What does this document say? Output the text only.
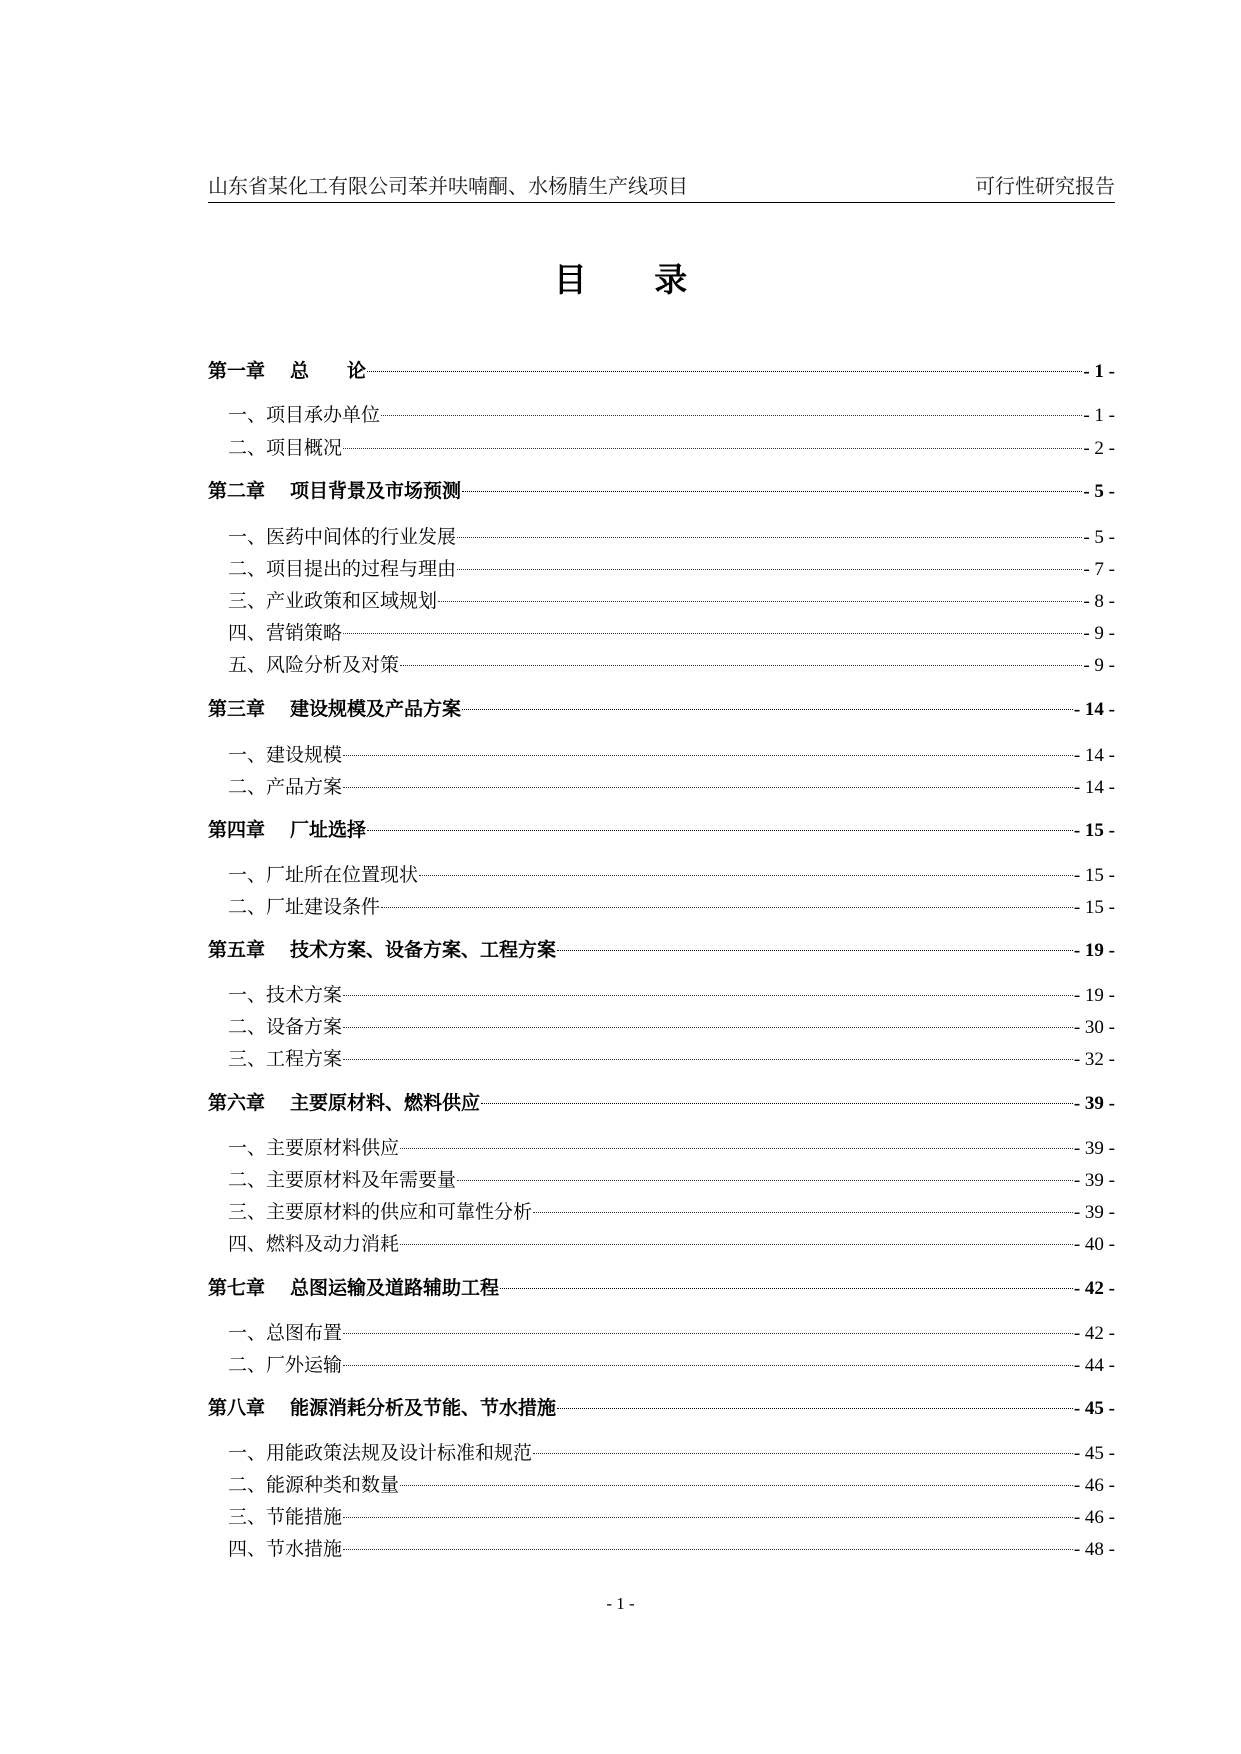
山东省某化工有限公司苯并呋喃酮、水杨腈生产线项目	可行性研究报告
目 录
第一章	总　　论	- 1 -
一、项目承办单位	- 1 -
二、项目概况	- 2 -
第二章	项目背景及市场预测	- 5 -
一、医药中间体的行业发展	- 5 -
二、项目提出的过程与理由	- 7 -
三、产业政策和区域规划	- 8 -
四、营销策略	- 9 -
五、风险分析及对策	- 9 -
第三章	建设规模及产品方案	- 14 -
一、建设规模	- 14 -
二、产品方案	- 14 -
第四章	厂址选择	- 15 -
一、厂址所在位置现状	- 15 -
二、厂址建设条件	- 15 -
第五章	技术方案、设备方案、工程方案	- 19 -
一、技术方案	- 19 -
二、设备方案	- 30 -
三、工程方案	- 32 -
第六章	主要原材料、燃料供应	- 39 -
一、主要原材料供应	- 39 -
二、主要原材料及年需要量	- 39 -
三、主要原材料的供应和可靠性分析	- 39 -
四、燃料及动力消耗	- 40 -
第七章	总图运输及道路辅助工程	- 42 -
一、总图布置	- 42 -
二、厂外运输	- 44 -
第八章	能源消耗分析及节能、节水措施	- 45 -
一、用能政策法规及设计标准和规范	- 45 -
二、能源种类和数量	- 46 -
三、节能措施	- 46 -
四、节水措施	- 48 -
- 1 -
